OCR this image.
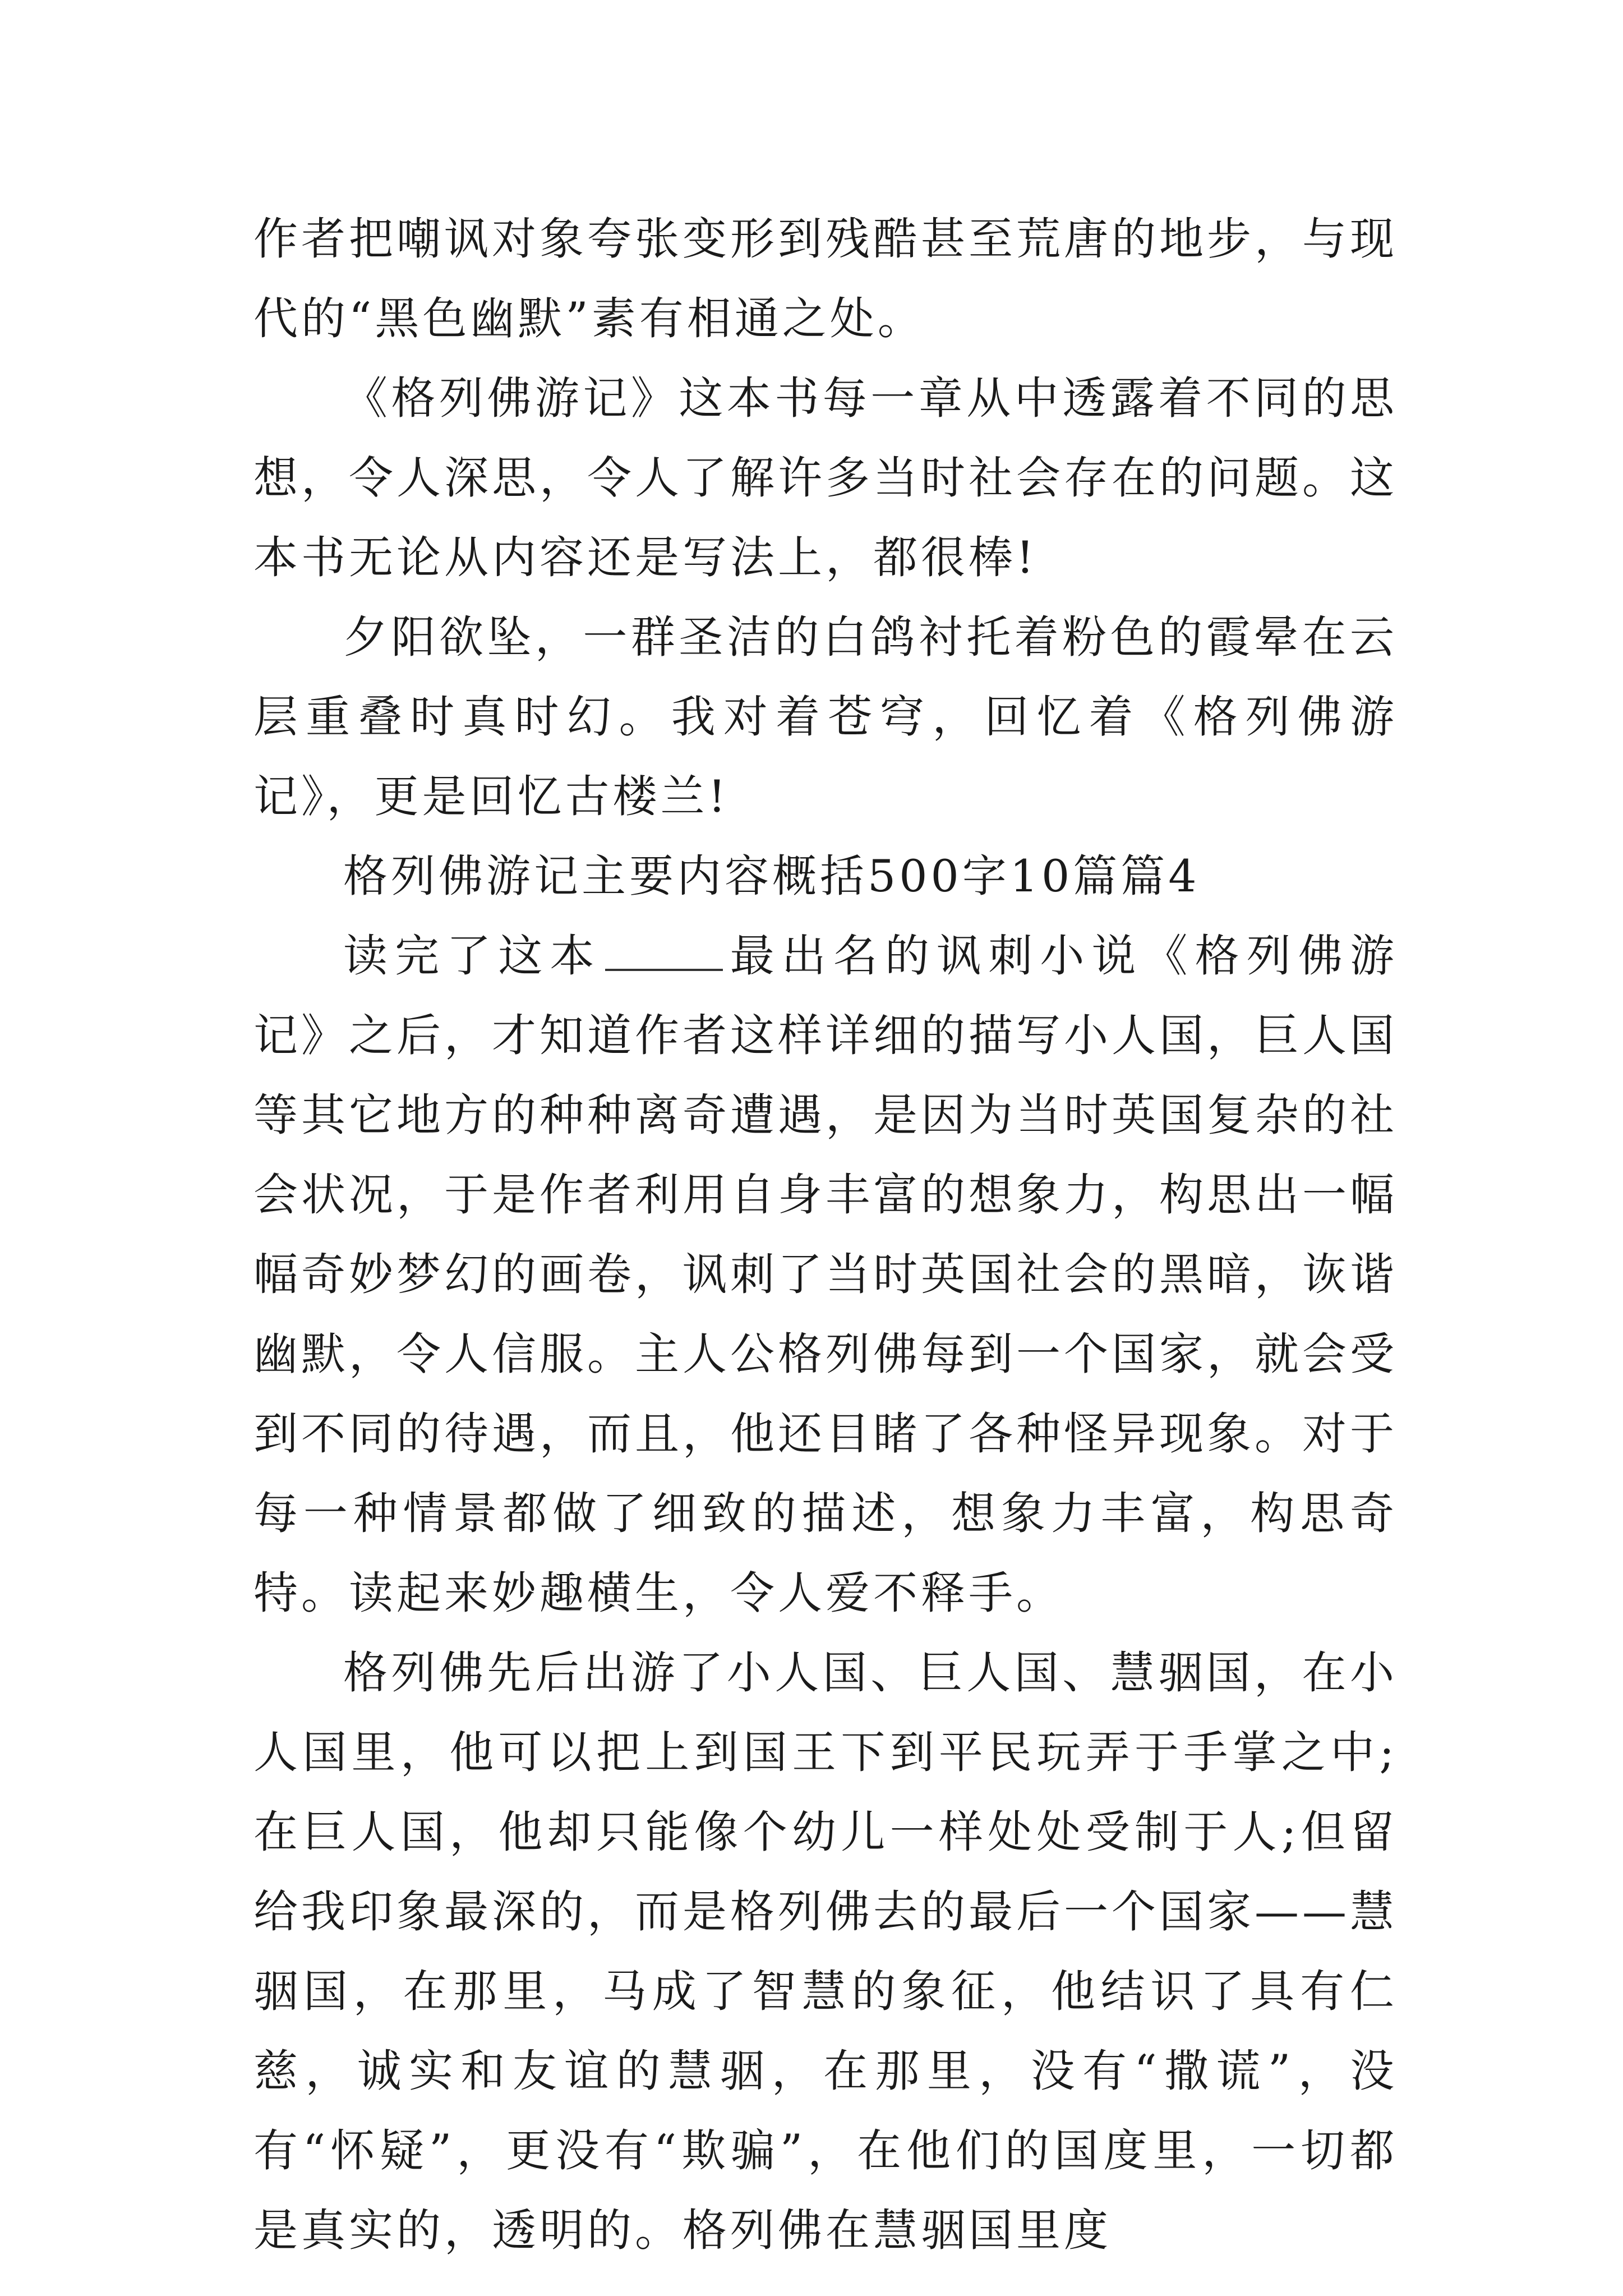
作者把嘲讽对象夸张变形到残酷甚至荒唐的地步，与现代的“黑色幽默”素有相通之处。

《格列佛游记》这本书每一章从中透露着不同的思想，令人深思，令人了解许多当时社会存在的问题。这本书无论从内容还是写法上，都很棒!

夕阳欲坠，一群圣洁的白鸽衬托着粉色的霞晕在云层重叠时真时幻。我对着苍穹，回忆着《格列佛游记》，更是回忆古楼兰!

格列佛游记主要内容概括500字10篇篇4

读完了这本	最出名的讽刺小说《格列佛游记》之后，才知道作者这样详细的描写小人国，巨人国等其它地方的种种离奇遭遇，是因为当时英国复杂的社会状况，于是作者利用自身丰富的想象力，构思出一幅幅奇妙梦幻的画卷，讽刺了当时英国社会的黑暗，诙谐幽默，令人信服。主人公格列佛每到一个国家，就会受到不同的待遇，而且，他还目睹了各种怪异现象。对于每一种情景都做了细致的描述，想象力丰富，构思奇特。读起来妙趣横生，令人爱不释手。

格列佛先后出游了小人国、巨人国、慧骃国，在小人国里，他可以把上到国王下到平民玩弄于手掌之中;在巨人国，他却只能像个幼儿一样处处受制于人;但留给我印象最深的，而是格列佛去的最后一个国家——慧骃国，在那里，马成了智慧的象征，他结识了具有仁慈，诚实和友谊的慧骃，在那里，没有“撒谎”，没有“怀疑”，更没有“欺骗”，在他们的国度里，一切都是真实的，透明的。格列佛在慧骃国里度
